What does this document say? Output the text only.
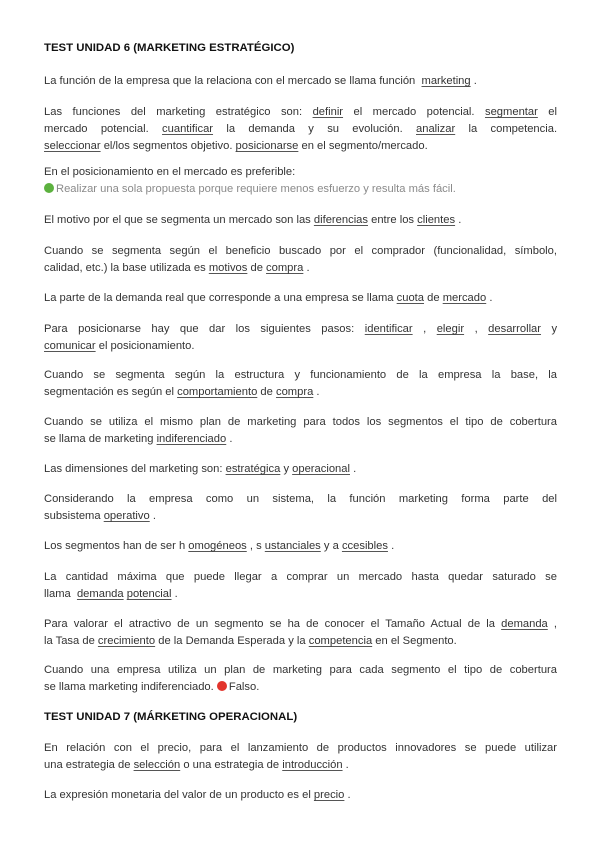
TEST UNIDAD 6 (MARKETING ESTRATÉGICO)
La función de la empresa que la relaciona con el mercado se llama función marketing .
Las funciones del marketing estratégico son: definir el mercado potencial. segmentar el
mercado potencial. cuantificar la demanda y su evolución. analizar la competencia.
seleccionar el/los segmentos objetivo. posicionarse en el segmento/mercado.
En el posicionamiento en el mercado es preferible:
Realizar una sola propuesta porque requiere menos esfuerzo y resulta más fácil.
El motivo por el que se segmenta un mercado son las diferencias entre los clientes .
Cuando se segmenta según el beneficio buscado por el comprador (funcionalidad, símbolo,
calidad, etc.) la base utilizada es motivos de compra .
La parte de la demanda real que corresponde a una empresa se llama cuota de mercado .
Para posicionarse hay que dar los siguientes pasos: identificar , elegir , desarrollar y
comunicar el posicionamiento.
Cuando se segmenta según la estructura y funcionamiento de la empresa la base, la
segmentación es según el comportamiento de compra .
Cuando se utiliza el mismo plan de marketing para todos los segmentos el tipo de cobertura
se llama de marketing indiferenciado .
Las dimensiones del marketing son: estratégica y operacional .
Considerando la empresa como un sistema, la función marketing forma parte del
subsistema operativo .
Los segmentos han de ser h omogéneos , s ustanciales y a ccesibles .
La cantidad máxima que puede llegar a comprar un mercado hasta quedar saturado se
llama demanda potencial .
Para valorar el atractivo de un segmento se ha de conocer el Tamaño Actual de la demanda ,
la Tasa de crecimiento de la Demanda Esperada y la competencia en el Segmento.
Cuando una empresa utiliza un plan de marketing para cada segmento el tipo de cobertura
se llama marketing indiferenciado. Falso.
TEST UNIDAD 7 (MÁRKETING OPERACIONAL)
En relación con el precio, para el lanzamiento de productos innovadores se puede utilizar
una estrategia de selección o una estrategia de introducción .
La expresión monetaria del valor de un producto es el precio .
